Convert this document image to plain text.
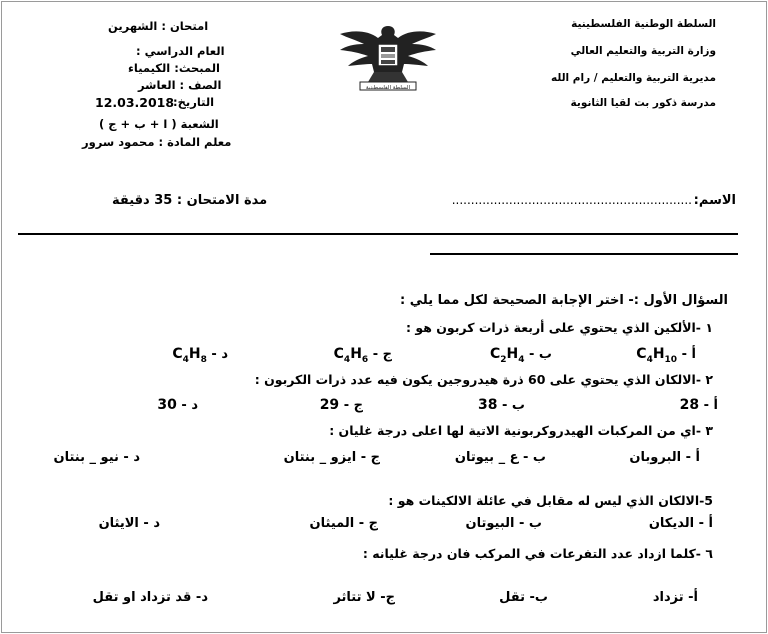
السلطة الوطنية الفلسطينية
وزارة التربية والتعليم العالي
مديرية التربية والتعليم / رام الله
مدرسة ذكور بت لقيا الثانوية
السلطة الفلسطينية
امتحان : الشهرين
العام الدراسي :
المبحث: الكيمياء
الصف : العاشر
التاريخ:
12.03.2018
الشعبة ( ا + ب + ج )
معلم المادة : محمود سرور
الاسم:
...............................................................
مدة الامتحان : 35 دقيقة
السؤال الأول :- اختر الإجابة الصحيحة لكل مما يلي :
١ -الألكين الذي يحتوي على أربعة ذرات كربون هو :
أ - $C_4H_{10}$
ب - $C_2H_4$
ج - $C_4H_6$
د - $C_4H_8$
٢ -الالكان الذي يحتوي على 60 ذرة هيدروجين يكون فيه عدد ذرات الكربون :
أ - 28
ب - 38
ج - 29
د - 30
٣ -اي من المركبات الهيدروكربونية الاتية لها اعلى درجة غليان :
أ - البروبان
ب - ع _ بيوتان
ج - ايزو _ بنتان
د - نيو _ بنتان
5-الالكان الذي ليس له مقابل في عائلة الالكينات هو :
أ - الديكان
ب - البيوتان
ج - الميثان
د - الايثان
٦ -كلما ازداد عدد التفرعات في المركب فان درجة غليانه :
أ- تزداد
ب- تقل
ج- لا تتاثر
د- قد تزداد او تقل
